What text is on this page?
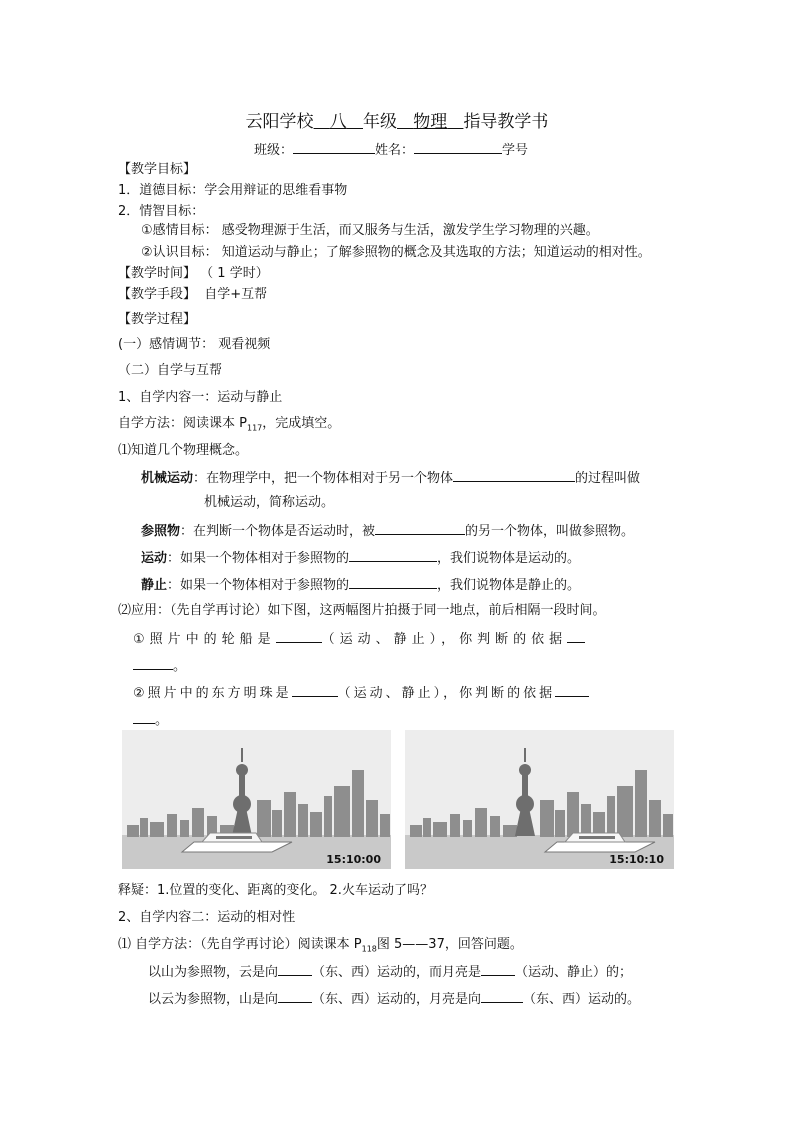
云阳学校 八 年级 物理 指导教学书
班级：	姓名：	学号
【教学目标】
1．道德目标：学会用辩证的思维看事物
2．情智目标：
①感情目标： 感受物理源于生活，而又服务与生活，激发学生学习物理的兴趣。
②认识目标： 知道运动与静止；了解参照物的概念及其选取的方法；知道运动的相对性。
【教学时间】 （ 1 学时）
【教学手段】 自学+互帮
【教学过程】
(一）感情调节： 观看视频
（二）自学与互帮
1、自学内容一：运动与静止
自学方法：阅读课本 $P_{117}$，完成填空。
⑴知道几个物理概念。
机械运动：在物理学中，把一个物体相对于另一个物体	的过程叫做
机械运动，简称运动。
参照物：在判断一个物体是否运动时，被	的另一个物体，叫做参照物。
运动：如果一个物体相对于参照物的	，我们说物体是运动的。
静止：如果一个物体相对于参照物的	，我们说物体是静止的。
⑵应用：（先自学再讨论）如下图，这两幅图片拍摄于同一地点，前后相隔一段时间。
①照片中的轮船是	（运动、静止），你判断的依据
。
②照片中的东方明珠是	（运动、静止），你判断的依据
。
15:10:00	15:10:10
释疑：1.位置的变化、距离的变化。 2.火车运动了吗？
2、自学内容二：运动的相对性
⑴ 自学方法：（先自学再讨论）阅读课本 $P_{118}$图 5——37，回答问题。
以山为参照物，云是向	（东、西）运动的，而月亮是	（运动、静止）的；
以云为参照物，山是向	（东、西）运动的，月亮是向	（东、西）运动的。
